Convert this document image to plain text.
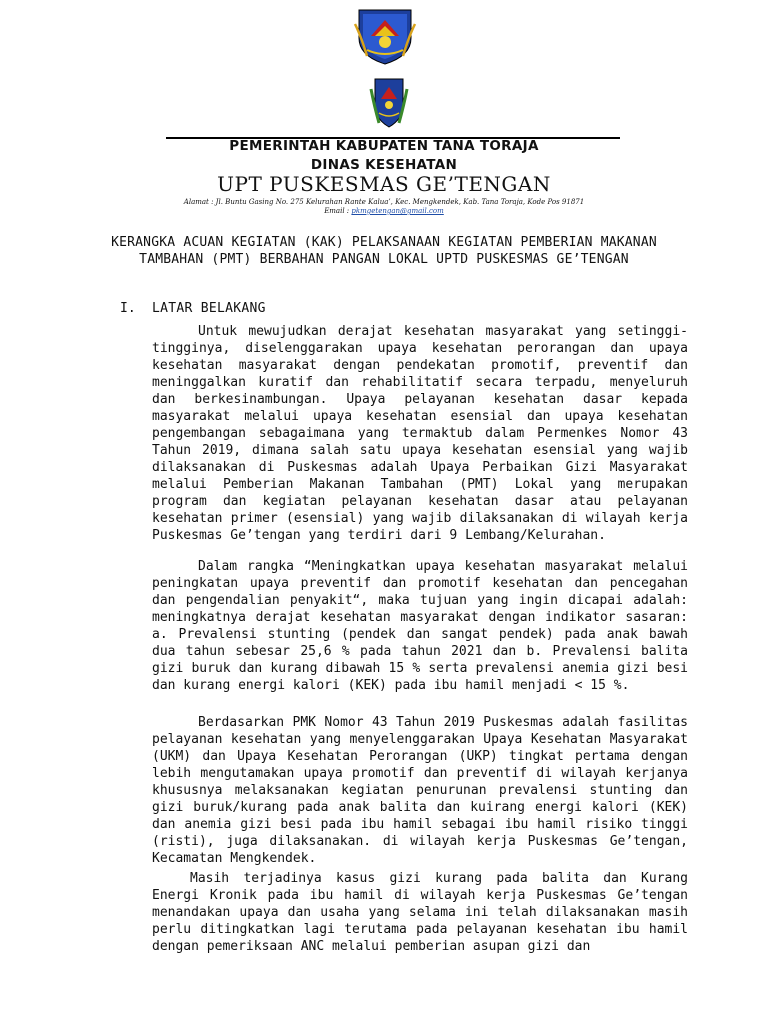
PEMERINTAH KABUPATEN TANA TORAJA
DINAS KESEHATAN
UPT PUSKESMAS GE’TENGAN
Alamat : Jl. Buntu Gasing No. 275 Kelurahan Rante Kalua’, Kec. Mengkendek, Kab. Tana Toraja, Kode Pos 91871
Email : pkmgetengan@gmail.com
KERANGKA ACUAN KEGIATAN (KAK) PELAKSANAAN KEGIATAN PEMBERIAN MAKANAN TAMBAHAN (PMT) BERBAHAN PANGAN LOKAL UPTD PUSKESMAS GE’TENGAN
I. LATAR BELAKANG
Untuk mewujudkan derajat kesehatan masyarakat yang setinggi-tingginya, diselenggarakan upaya kesehatan perorangan dan upaya kesehatan masyarakat dengan pendekatan promotif, preventif dan meninggalkan kuratif dan rehabilitatif secara terpadu, menyeluruh dan berkesinambungan. Upaya pelayanan kesehatan dasar kepada masyarakat melalui upaya kesehatan esensial dan upaya kesehatan pengembangan sebagaimana yang termaktub dalam Permenkes Nomor 43 Tahun 2019, dimana salah satu upaya kesehatan esensial yang wajib dilaksanakan di Puskesmas adalah Upaya Perbaikan Gizi Masyarakat melalui Pemberian Makanan Tambahan (PMT) Lokal yang merupakan program dan kegiatan pelayanan kesehatan dasar atau pelayanan kesehatan primer (esensial) yang wajib dilaksanakan di wilayah kerja Puskesmas Ge’tengan yang terdiri dari 9 Lembang/Kelurahan.
Dalam rangka “Meningkatkan upaya kesehatan masyarakat melalui peningkatan upaya preventif dan promotif kesehatan dan pencegahan dan pengendalian penyakit“, maka tujuan yang ingin dicapai adalah: meningkatnya derajat kesehatan masyarakat dengan indikator sasaran: a. Prevalensi stunting (pendek dan sangat pendek) pada anak bawah dua tahun sebesar 25,6 % pada tahun 2021 dan b. Prevalensi balita gizi buruk dan kurang dibawah 15 % serta prevalensi anemia gizi besi dan kurang energi kalori (KEK) pada ibu hamil menjadi < 15 %.
Berdasarkan PMK Nomor 43 Tahun 2019 Puskesmas adalah fasilitas pelayanan kesehatan yang menyelenggarakan Upaya Kesehatan Masyarakat (UKM) dan Upaya Kesehatan Perorangan (UKP) tingkat pertama dengan lebih mengutamakan upaya promotif dan preventif di wilayah kerjanya khususnya melaksanakan kegiatan penurunan prevalensi stunting dan gizi buruk/kurang pada anak balita dan kuirang energi kalori (KEK) dan anemia gizi besi pada ibu hamil sebagai ibu hamil risiko tinggi (risti), juga dilaksanakan. di wilayah kerja Puskesmas Ge’tengan, Kecamatan Mengkendek.
Masih terjadinya kasus gizi kurang pada balita dan Kurang Energi Kronik pada ibu hamil di wilayah kerja Puskesmas Ge’tengan menandakan upaya dan usaha yang selama ini telah dilaksanakan masih perlu ditingkatkan lagi terutama pada pelayanan kesehatan ibu hamil dengan pemeriksaan ANC melalui pemberian asupan gizi dan
